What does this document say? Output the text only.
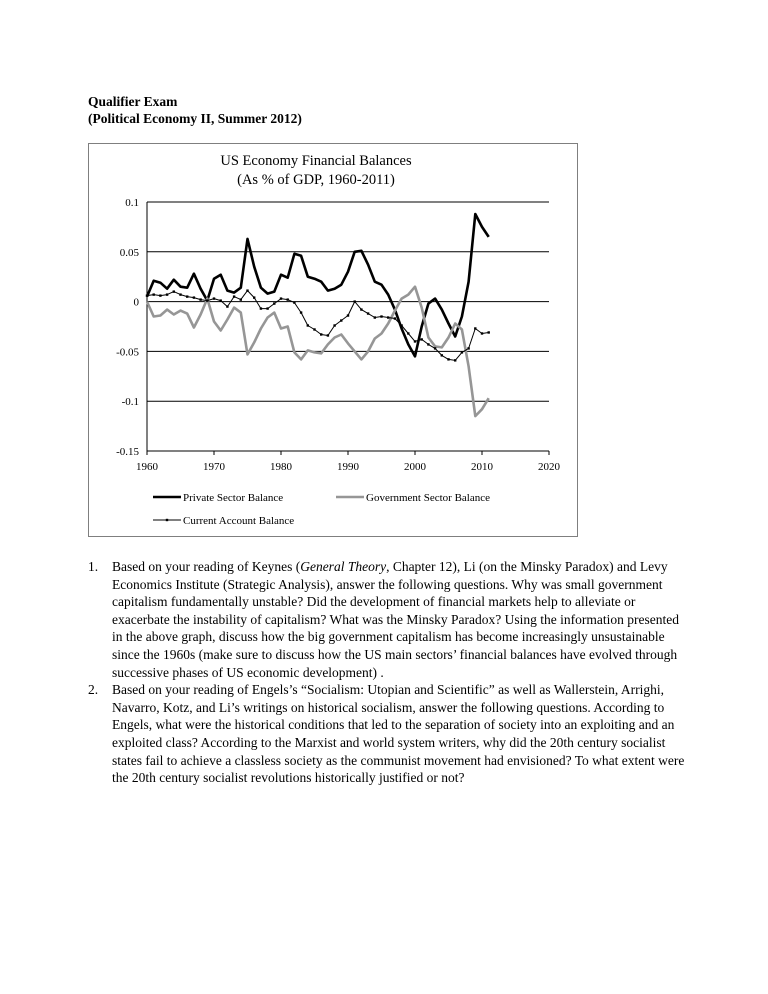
Qualifier Exam
(Political Economy II, Summer 2012)
US Economy Financial Balances
(As % of GDP, 1960-2011)
0.1
0.05
0
-0.05
-0.1
-0.15
1960	1970	1980	1990	2000	2010	2020
Private Sector Balance	Government Sector Balance
Current Account Balance
1. Based on your reading of Keynes (General Theory, Chapter 12), Li (on the Minsky Paradox) and Levy Economics Institute (Strategic Analysis), answer the following questions. Why was small government capitalism fundamentally unstable? Did the development of financial markets help to alleviate or exacerbate the instability of capitalism? What was the Minsky Paradox? Using the information presented in the above graph, discuss how the big government capitalism has become increasingly unsustainable since the 1960s (make sure to discuss how the US main sectors’ financial balances have evolved through successive phases of US economic development) .
2. Based on your reading of Engels’s “Socialism: Utopian and Scientific” as well as Wallerstein, Arrighi, Navarro, Kotz, and Li’s writings on historical socialism, answer the following questions. According to Engels, what were the historical conditions that led to the separation of society into an exploiting and an exploited class? According to the Marxist and world system writers, why did the 20th century socialist states fail to achieve a classless society as the communist movement had envisioned? To what extent were the 20th century socialist revolutions historically justified or not?
